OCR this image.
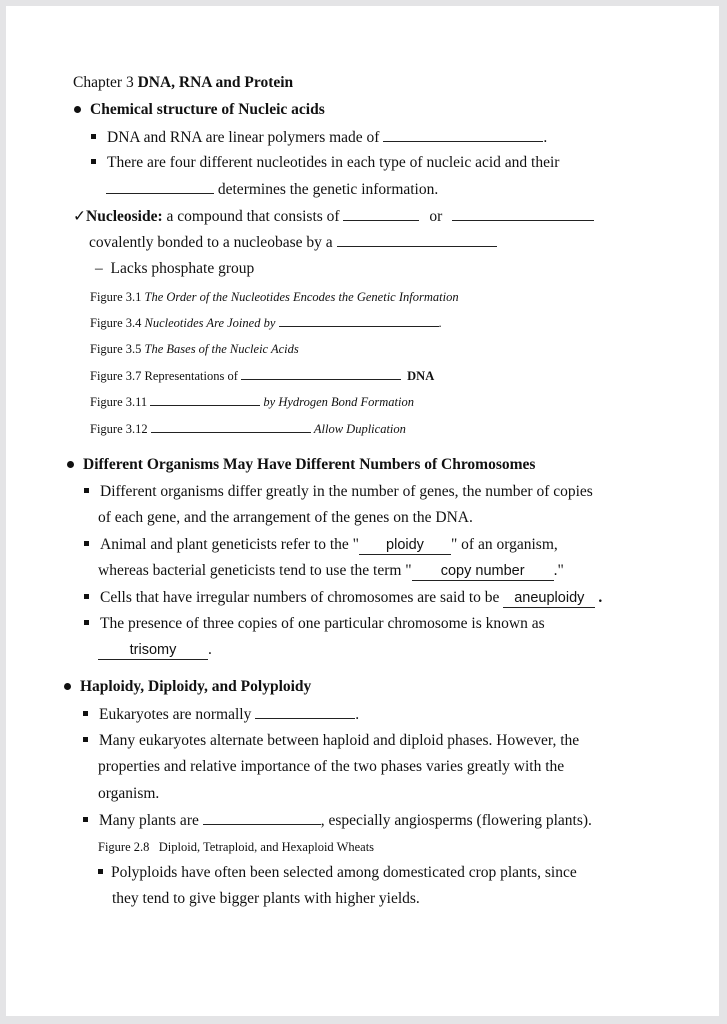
Chapter 3 DNA, RNA and Protein
Chemical structure of Nucleic acids
DNA and RNA are linear polymers made of	.
There are four different nucleotides in each type of nucleic acid and their
determines the genetic information.
✓Nucleoside: a compound that consists of	or
covalently bonded to a nucleobase by a
– Lacks phosphate group
Figure 3.1 The Order of the Nucleotides Encodes the Genetic Information
Figure 3.4 Nucleotides Are Joined by	.
Figure 3.5 The Bases of the Nucleic Acids
Figure 3.7 Representations of	DNA
Figure 3.11	by Hydrogen Bond Formation
Figure 3.12	Allow Duplication
Different Organisms May Have Different Numbers of Chromosomes
Different organisms differ greatly in the number of genes, the number of copies
of each gene, and the arrangement of the genes on the DNA.
Animal and plant geneticists refer to the " ploidy " of an organism,
whereas bacterial geneticists tend to use the term " copy number ."
Cells that have irregular numbers of chromosomes are said to be aneuploidy .
The presence of three copies of one particular chromosome is known as
trisomy .
Haploidy, Diploidy, and Polyploidy
Eukaryotes are normally	.
Many eukaryotes alternate between haploid and diploid phases. However, the
properties and relative importance of the two phases varies greatly with the
organism.
Many plants are	, especially angiosperms (flowering plants).
Figure 2.8 Diploid, Tetraploid, and Hexaploid Wheats
Polyploids have often been selected among domesticated crop plants, since
they tend to give bigger plants with higher yields.
